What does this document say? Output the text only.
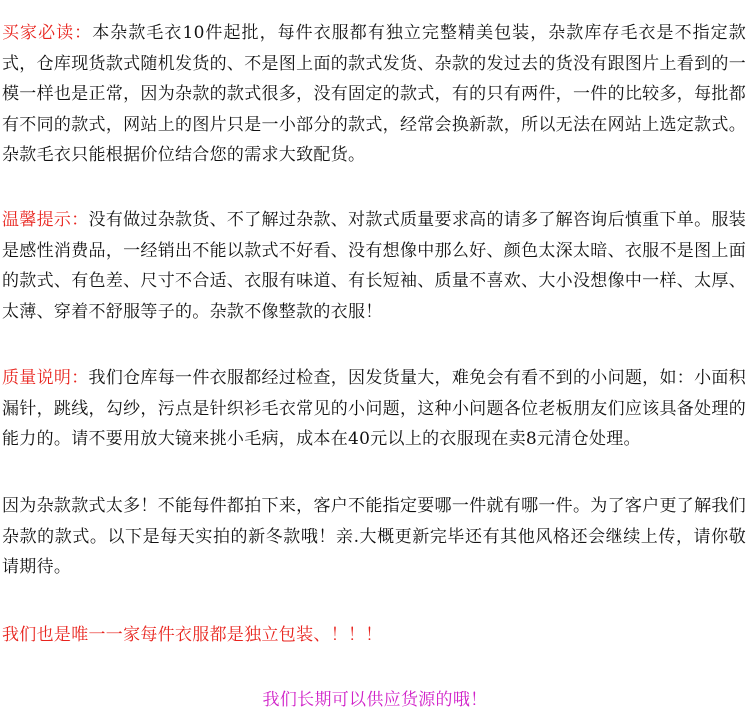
买家必读：本杂款毛衣10件起批，每件衣服都有独立完整精美包装，杂款库存毛衣是不指定款式，仓库现货款式随机发货的、不是图上面的款式发货、杂款的发过去的货没有跟图片上看到的一模一样也是正常，因为杂款的款式很多，没有固定的款式，有的只有两件，一件的比较多，每批都有不同的款式，网站上的图片只是一小部分的款式，经常会换新款，所以无法在网站上选定款式。杂款毛衣只能根据价位结合您的需求大致配货。

温馨提示：没有做过杂款货、不了解过杂款、对款式质量要求高的请多了解咨询后慎重下单。服装是感性消费品，一经销出不能以款式不好看、没有想像中那么好、颜色太深太暗、衣服不是图上面的款式、有色差、尺寸不合适、衣服有味道、有长短袖、质量不喜欢、大小没想像中一样、太厚、太薄、穿着不舒服等子的。杂款不像整款的衣服！

质量说明：我们仓库每一件衣服都经过检查，因发货量大，难免会有看不到的小问题，如：小面积漏针，跳线，勾纱，污点是针织衫毛衣常见的小问题，这种小问题各位老板朋友们应该具备处理的能力的。请不要用放大镜来挑小毛病，成本在40元以上的衣服现在卖8元清仓处理。

因为杂款款式太多！不能每件都拍下来，客户不能指定要哪一件就有哪一件。为了客户更了解我们杂款的款式。以下是每天实拍的新冬款哦！亲.大概更新完毕还有其他风格还会继续上传，请你敬请期待。

我们也是唯一一家每件衣服都是独立包装、！！！

我们长期可以供应货源的哦！
